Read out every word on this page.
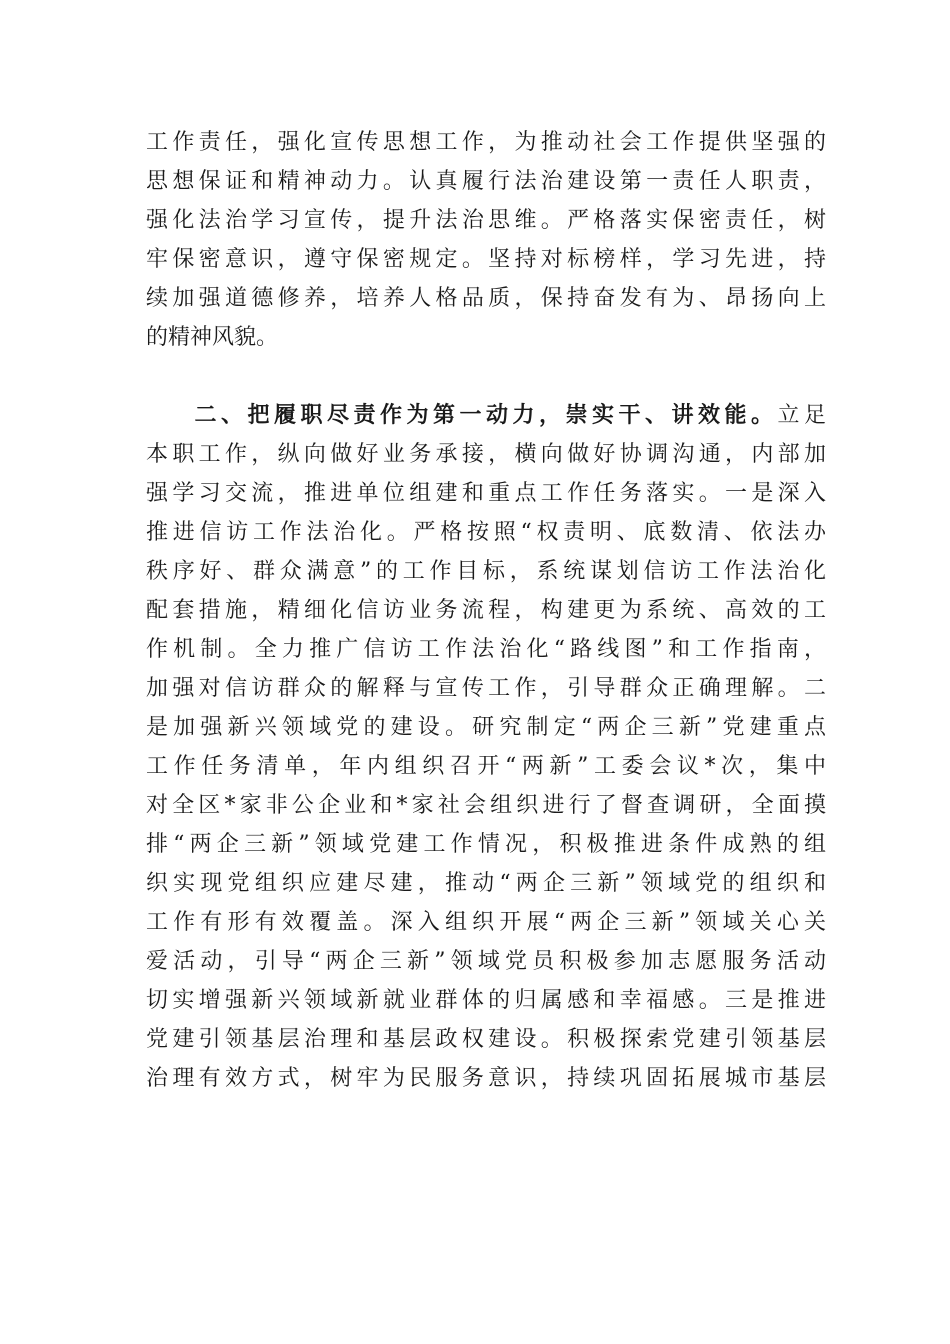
工作责任，强化宣传思想工作，为推动社会工作提供坚强的
思想保证和精神动力。认真履行法治建设第一责任人职责，
强化法治学习宣传，提升法治思维。严格落实保密责任，树
牢保密意识，遵守保密规定。坚持对标榜样，学习先进，持
续加强道德修养，培养人格品质，保持奋发有为、昂扬向上
的精神风貌。
二、把履职尽责作为第一动力，崇实干、讲效能。立足
本职工作，纵向做好业务承接，横向做好协调沟通，内部加
强学习交流，推进单位组建和重点工作任务落实。一是深入
推进信访工作法治化。严格按照“权责明、底数清、依法办
秩序好、群众满意”的工作目标，系统谋划信访工作法治化
配套措施，精细化信访业务流程，构建更为系统、高效的工
作机制。全力推广信访工作法治化“路线图”和工作指南，
加强对信访群众的解释与宣传工作，引导群众正确理解。二
是加强新兴领域党的建设。研究制定“两企三新”党建重点
工作任务清单，年内组织召开“两新”工委会议*次，集中
对全区*家非公企业和*家社会组织进行了督查调研，全面摸
排“两企三新”领域党建工作情况，积极推进条件成熟的组
织实现党组织应建尽建，推动“两企三新”领域党的组织和
工作有形有效覆盖。深入组织开展“两企三新”领域关心关
爱活动，引导“两企三新”领域党员积极参加志愿服务活动
切实增强新兴领域新就业群体的归属感和幸福感。三是推进
党建引领基层治理和基层政权建设。积极探索党建引领基层
治理有效方式，树牢为民服务意识，持续巩固拓展城市基层
